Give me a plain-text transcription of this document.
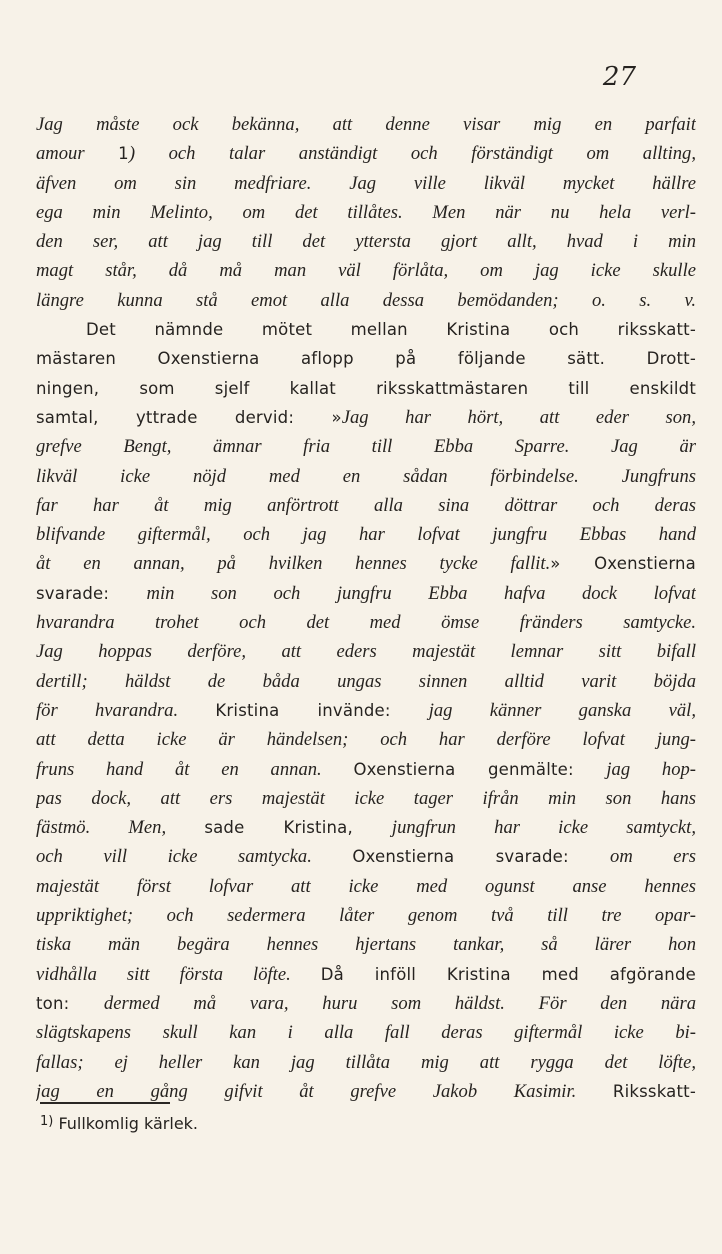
27
Jag måste ock bekänna, att denne visar mig en parfait
amour 1) och talar anständigt och förständigt om allting,
äfven om sin medfriare. Jag ville likväl mycket hällre
ega min Melinto, om det tillåtes. Men när nu hela verl-
den ser, att jag till det yttersta gjort allt, hvad i min
magt står, då må man väl förlåta, om jag icke skulle
längre kunna stå emot alla dessa bemödanden; o. s. v.
Det nämnde mötet mellan Kristina och riksskatt-
mästaren Oxenstierna aflopp på följande sätt. Drott-
ningen, som sjelf kallat riksskattmästaren till enskildt
samtal, yttrade dervid: »Jag har hört, att eder son,
grefve Bengt, ämnar fria till Ebba Sparre. Jag är
likväl icke nöjd med en sådan förbindelse. Jungfruns
far har åt mig anförtrott alla sina döttrar och deras
blifvande giftermål, och jag har lofvat jungfru Ebbas hand
åt en annan, på hvilken hennes tycke fallit.» Oxenstierna
svarade: min son och jungfru Ebba hafva dock lofvat
hvarandra trohet och det med ömse fränders samtycke.
Jag hoppas derföre, att eders majestät lemnar sitt bifall
dertill; häldst de båda ungas sinnen alltid varit böjda
för hvarandra. Kristina invände: jag känner ganska väl,
att detta icke är händelsen; och har derföre lofvat jung-
fruns hand åt en annan. Oxenstierna genmälte: jag hop-
pas dock, att ers majestät icke tager ifrån min son hans
fästmö. Men, sade Kristina, jungfrun har icke samtyckt,
och vill icke samtycka. Oxenstierna svarade: om ers
majestät först lofvar att icke med ogunst anse hennes
uppriktighet; och sedermera låter genom två till tre opar-
tiska män begära hennes hjertans tankar, så lärer hon
vidhålla sitt första löfte. Då inföll Kristina med afgörande
ton: dermed må vara, huru som häldst. För den nära
slägtskapens skull kan i alla fall deras giftermål icke bi-
fallas; ej heller kan jag tillåta mig att rygga det löfte,
jag en gång gifvit åt grefve Jakob Kasimir. Riksskatt-
$^{1)}$ Fullkomlig kärlek.
